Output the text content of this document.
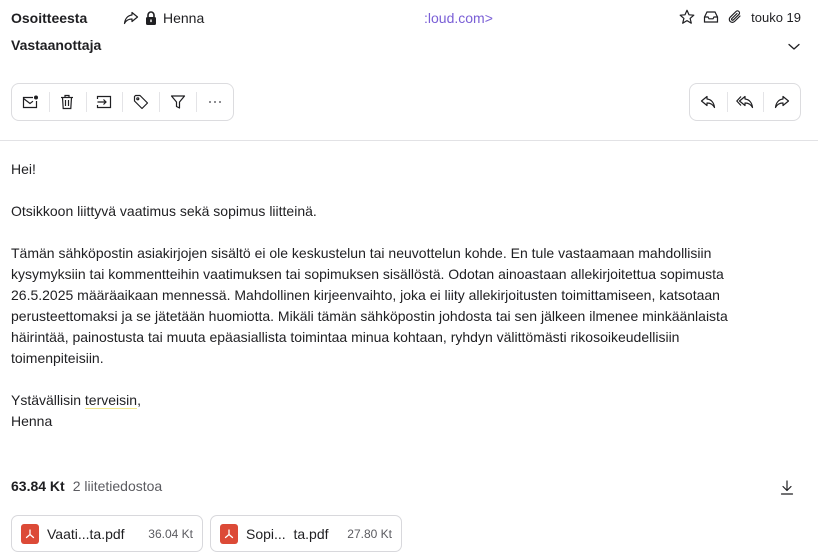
Osoitteesta	Henna	:loud.com>	touko 19
Vastaanottaja

Hei!

Otsikkoon liittyvä vaatimus sekä sopimus liitteinä.

Tämän sähköpostin asiakirjojen sisältö ei ole keskustelun tai neuvottelun kohde. En tule vastaamaan mahdollisiin kysymyksiin tai kommentteihin vaatimuksen tai sopimuksen sisällöstä. Odotan ainoastaan allekirjoitettua sopimusta 26.5.2025 määräaikaan mennessä. Mahdollinen kirjeenvaihto, joka ei liity allekirjoitusten toimittamiseen, katsotaan perusteettomaksi ja se jätetään huomiotta. Mikäli tämän sähköpostin johdosta tai sen jälkeen ilmenee minkäänlaista häirintää, painostusta tai muuta epäasiallista toimintaa minua kohtaan, ryhdyn välittömästi rikosoikeudellisiin toimenpiteisiin.

Ystävällisin terveisin,

Henna

63.84 Kt 2 liitetiedostoa
Vaati...ta.pdf 36.04 Kt	Sopi...  ta.pdf 27.80 Kt
